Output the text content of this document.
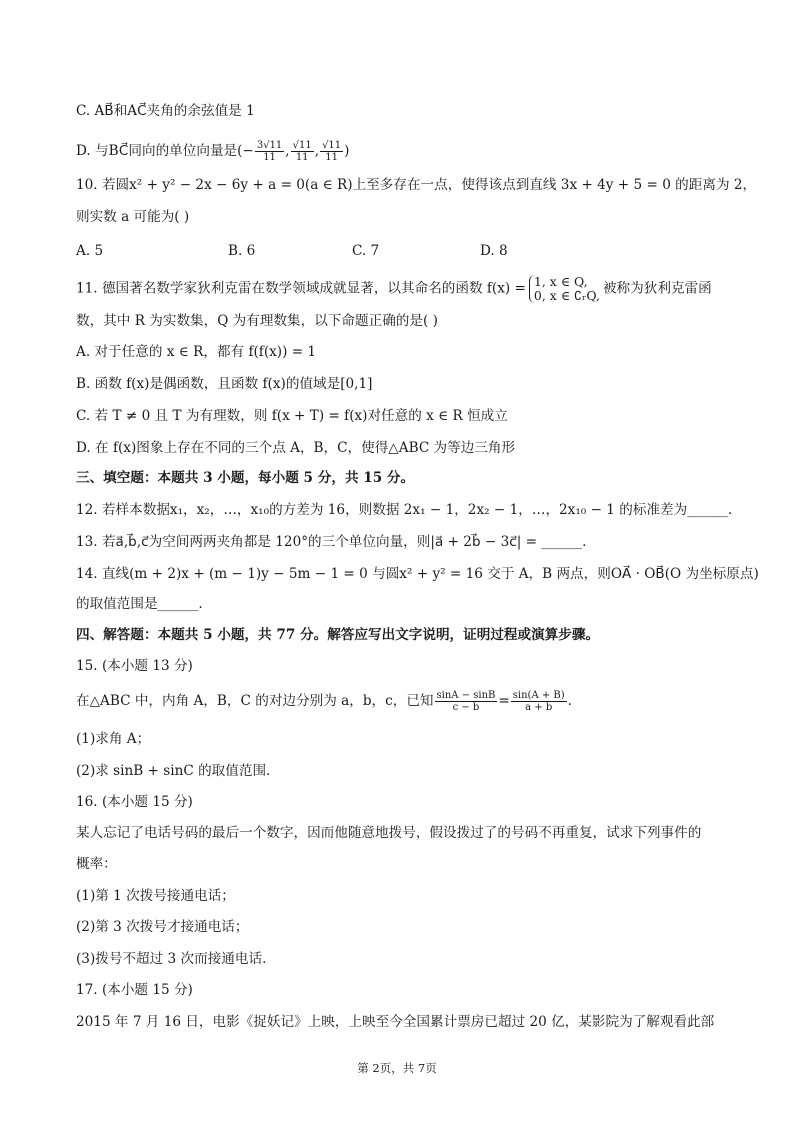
C. AB⃗和AC⃗夹角的余弦值是 1
D. 与BC⃗同向的单位向量是(− $\frac{3√11}{11}$ , $\frac{√11}{11}$ , $\frac{√11}{11}$ )
10. 若圆x² + y² − 2x − 6y + a = 0(a ∈ R)上至多存在一点，使得该点到直线 3x + 4y + 5 = 0 的距离为 2，
则实数 a 可能为( )
A. 5	B. 6	C. 7	D. 8
11. 德国著名数学家狄利克雷在数学领域成就显著，以其命名的函数 f(x) = 1, x ∈ Q,
0, x ∈ ∁ᵣQ, 被称为狄利克雷函
数，其中 R 为实数集，Q 为有理数集，以下命题正确的是( )
A. 对于任意的 x ∈ R，都有 f(f(x)) = 1
B. 函数 f(x)是偶函数，且函数 f(x)的值域是[0,1]
C. 若 T ≠ 0 且 T 为有理数，则 f(x + T) = f(x)对任意的 x ∈ R 恒成立
D. 在 f(x)图象上存在不同的三个点 A，B，C，使得△ABC 为等边三角形
三、填空题：本题共 3 小题，每小题 5 分，共 15 分。
12. 若样本数据x₁，x₂，…，x₁₀的方差为 16，则数据 2x₁ − 1，2x₂ − 1，…，2x₁₀ − 1 的标准差为______.
13. 若a⃗,b⃗,c⃗为空间两两夹角都是 120°的三个单位向量，则|a⃗ + 2b⃗ − 3c⃗| = ______.
14. 直线(m + 2)x + (m − 1)y − 5m − 1 = 0 与圆x² + y² = 16 交于 A，B 两点，则OA⃗ · OB⃗(O 为坐标原点)
的取值范围是______.
四、解答题：本题共 5 小题，共 77 分。解答应写出文字说明，证明过程或演算步骤。
15. (本小题 13 分)
在△ABC 中，内角 A，B，C 的对边分别为 a，b，c，已知 $\frac{\sin A - \sin B}{c - b} = \frac{\sin(A + B)}{a + b}$ .
(1)求角 A；
(2)求 sinB + sinC 的取值范围.
16. (本小题 15 分)
某人忘记了电话号码的最后一个数字，因而他随意地拨号，假设拨过了的号码不再重复，试求下列事件的
概率：
(1)第 1 次拨号接通电话；
(2)第 3 次拨号才接通电话；
(3)拨号不超过 3 次而接通电话.
17. (本小题 15 分)
2015 年 7 月 16 日，电影《捉妖记》上映，上映至今全国累计票房已超过 20 亿，某影院为了解观看此部
第 2页，共 7页
